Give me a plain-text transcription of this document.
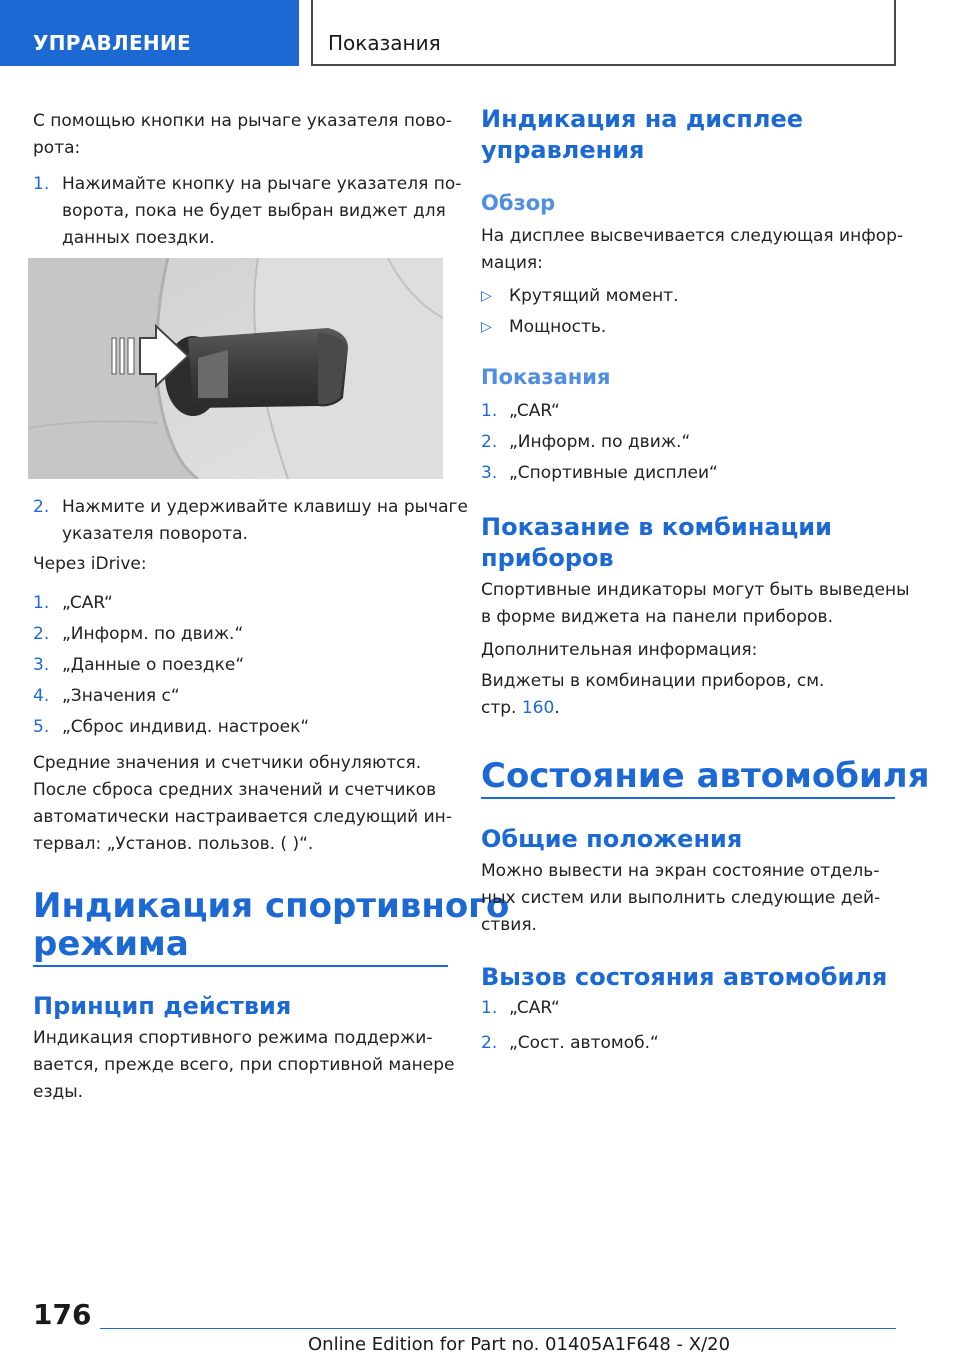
УПРАВЛЕНИЕ	Показания
С помощью кнопки на рычаге указателя пово-
рота:
1. Нажимайте кнопку на рычаге указателя по-
ворота, пока не будет выбран виджет для
данных поездки.
2. Нажмите и удерживайте клавишу на рычаге
указателя поворота.
Через iDrive:
1. „CAR“
2. „Информ. по движ.“
3. „Данные о поездке“
4. „Значения с“
5. „Сброс индивид. настроек“
Средние значения и счетчики обнуляются.
После сброса средних значений и счетчиков
автоматически настраивается следующий ин-
тервал: „Установ. пользов. ( )“.
Индикация спортивного
режима
Принцип действия
Индикация спортивного режима поддержи-
вается, прежде всего, при спортивной манере
езды.
Индикация на дисплее
управления
Обзор
На дисплее высвечивается следующая инфор-
мация:
▷ Крутящий момент.
▷ Мощность.
Показания
1. „CAR“
2. „Информ. по движ.“
3. „Спортивные дисплеи“
Показание в комбинации
приборов
Спортивные индикаторы могут быть выведены
в форме виджета на панели приборов.
Дополнительная информация:
Виджеты в комбинации приборов, см.
стр. 160.
Состояние автомобиля
Общие положения
Можно вывести на экран состояние отдель-
ных систем или выполнить следующие дей-
ствия.
Вызов состояния автомобиля
1. „CAR“
2. „Сост. автомоб.“
176
Online Edition for Part no. 01405A1F648 - X/20
